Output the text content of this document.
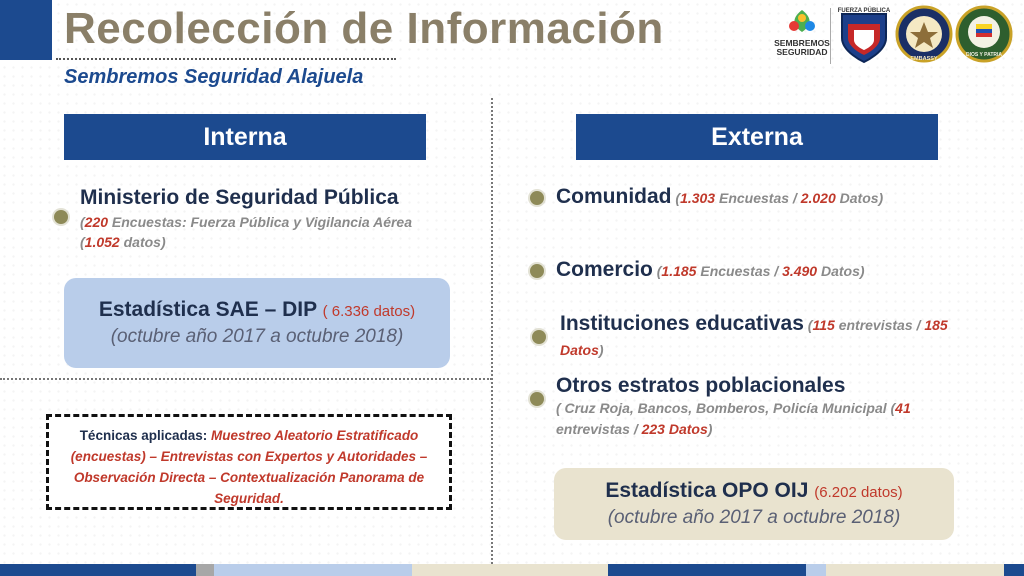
Recolección de Información
Sembremos Seguridad Alajuela
SEMBREMOS
SEGURIDAD
FUERZA PÚBLICA
EMBASSY
DIOS Y PATRIA
Interna
Ministerio de Seguridad Pública
(220 Encuestas: Fuerza Pública y Vigilancia Aérea
(1.052 datos)
Estadística SAE – DIP ( 6.336 datos)
(octubre año 2017 a octubre 2018)
Técnicas aplicadas: Muestreo Aleatorio Estratificado (encuestas) – Entrevistas con Expertos y Autoridades – Observación Directa – Contextualización Panorama de Seguridad.
Externa
Comunidad (1.303 Encuestas / 2.020 Datos)
Comercio (1.185 Encuestas / 3.490 Datos)
Instituciones educativas (115 entrevistas / 185
Datos)
Otros estratos poblacionales
( Cruz Roja, Bancos, Bomberos, Policía Municipal (41
entrevistas / 223 Datos)
Estadística OPO OIJ (6.202 datos)
(octubre año 2017 a octubre 2018)
